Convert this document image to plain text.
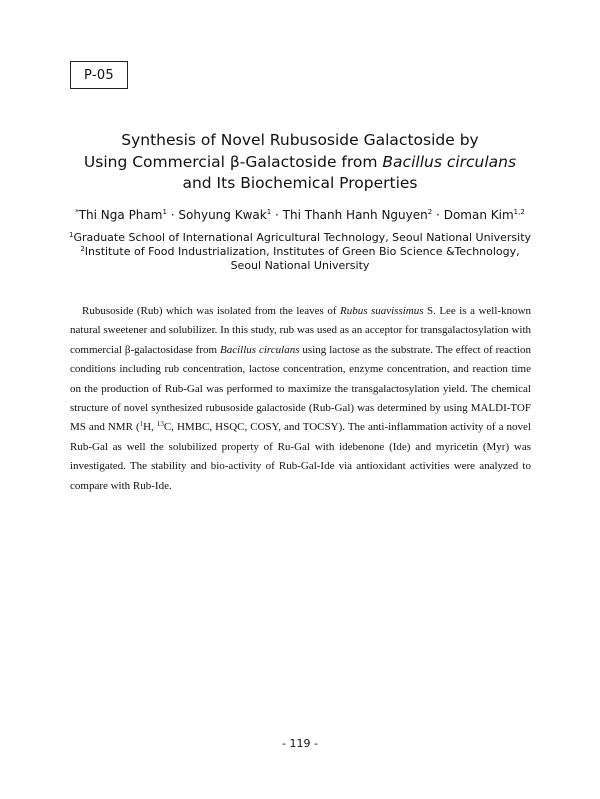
P-05
Synthesis of Novel Rubusoside Galactoside by
Using Commercial β-Galactoside from Bacillus circulans
and Its Biochemical Properties
*Thi Nga Pham$^1$ · Sohyung Kwak$^1$ · Thi Thanh Hanh Nguyen$^2$ · Doman Kim$^{1,2}$
$^1$Graduate School of International Agricultural Technology, Seoul National University
$^2$Institute of Food Industrialization, Institutes of Green Bio Science &Technology,
Seoul National University
Rubusoside (Rub) which was isolated from the leaves of Rubus suavissimus S. Lee is a well-known
natural sweetener and solubilizer. In this study, rub was used as an acceptor for transgalactosylation with
commercial β-galactosidase from Bacillus circulans using lactose as the substrate. The effect of reaction
conditions including rub concentration, lactose concentration, enzyme concentration, and reaction time
on the production of Rub-Gal was performed to maximize the transgalactosylation yield. The chemical
structure of novel synthesized rubusoside galactoside (Rub-Gal) was determined by using MALDI-TOF
MS and NMR ($^1$H, $^{13}$C, HMBC, HSQC, COSY, and TOCSY). The anti-inflammation activity of a novel
Rub-Gal as well the solubilized property of Ru-Gal with idebenone (Ide) and myricetin (Myr) was
investigated. The stability and bio-activity of Rub-Gal-Ide via antioxidant activities were analyzed to
compare with Rub-Ide.
- 119 -
